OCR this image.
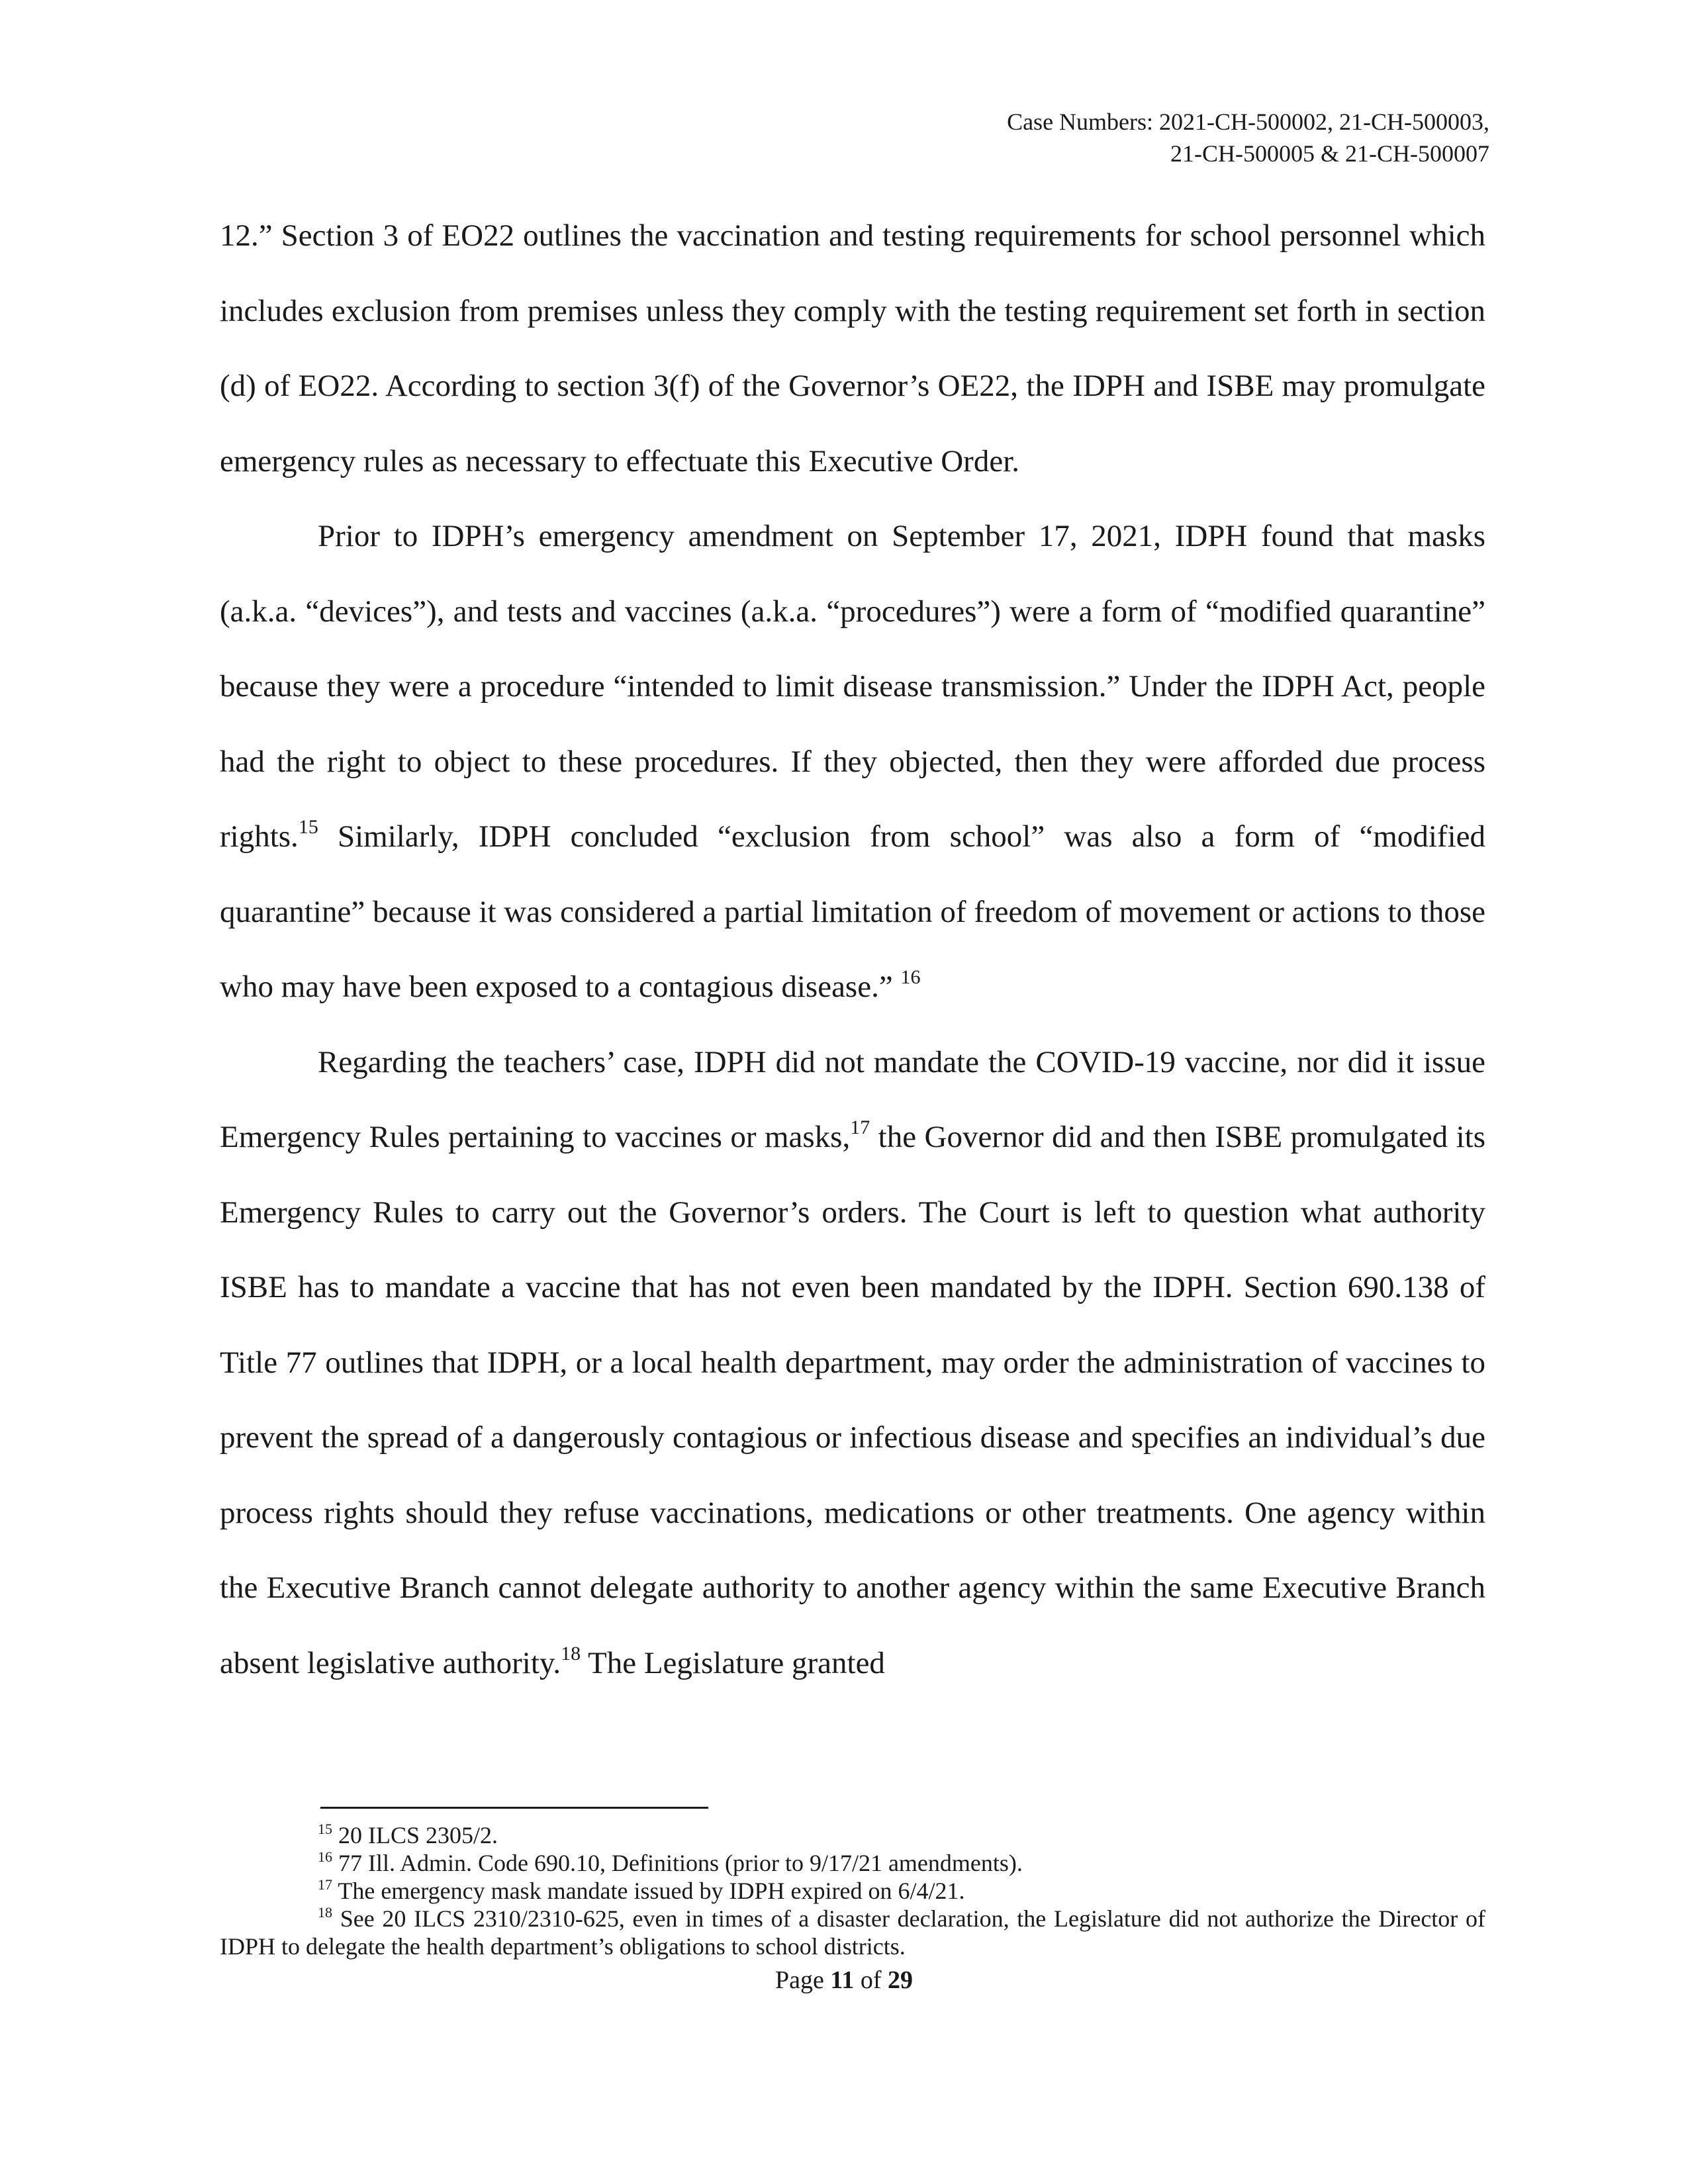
Case Numbers: 2021-CH-500002, 21-CH-500003,
21-CH-500005 & 21-CH-500007

12.” Section 3 of EO22 outlines the vaccination and testing requirements for school personnel which includes exclusion from premises unless they comply with the testing requirement set forth in section (d) of EO22. According to section 3(f) of the Governor’s OE22, the IDPH and ISBE may promulgate emergency rules as necessary to effectuate this Executive Order.

Prior to IDPH’s emergency amendment on September 17, 2021, IDPH found that masks (a.k.a. “devices”), and tests and vaccines (a.k.a. “procedures”) were a form of “modified quarantine” because they were a procedure “intended to limit disease transmission.” Under the IDPH Act, people had the right to object to these procedures. If they objected, then they were afforded due process rights.$^{15}$ Similarly, IDPH concluded “exclusion from school” was also a form of “modified quarantine” because it was considered a partial limitation of freedom of movement or actions to those who may have been exposed to a contagious disease.” $^{16}$

Regarding the teachers’ case, IDPH did not mandate the COVID-19 vaccine, nor did it issue Emergency Rules pertaining to vaccines or masks,$^{17}$ the Governor did and then ISBE promulgated its Emergency Rules to carry out the Governor’s orders. The Court is left to question what authority ISBE has to mandate a vaccine that has not even been mandated by the IDPH. Section 690.138 of Title 77 outlines that IDPH, or a local health department, may order the administration of vaccines to prevent the spread of a dangerously contagious or infectious disease and specifies an individual’s due process rights should they refuse vaccinations, medications or other treatments. One agency within the Executive Branch cannot delegate authority to another agency within the same Executive Branch absent legislative authority.$^{18}$ The Legislature granted

$^{15}$ 20 ILCS 2305/2.

$^{16}$ 77 Ill. Admin. Code 690.10, Definitions (prior to 9/17/21 amendments).

$^{17}$ The emergency mask mandate issued by IDPH expired on 6/4/21.

$^{18}$ See 20 ILCS 2310/2310-625, even in times of a disaster declaration, the Legislature did not authorize the Director of IDPH to delegate the health department’s obligations to school districts.

Page 11 of 29
